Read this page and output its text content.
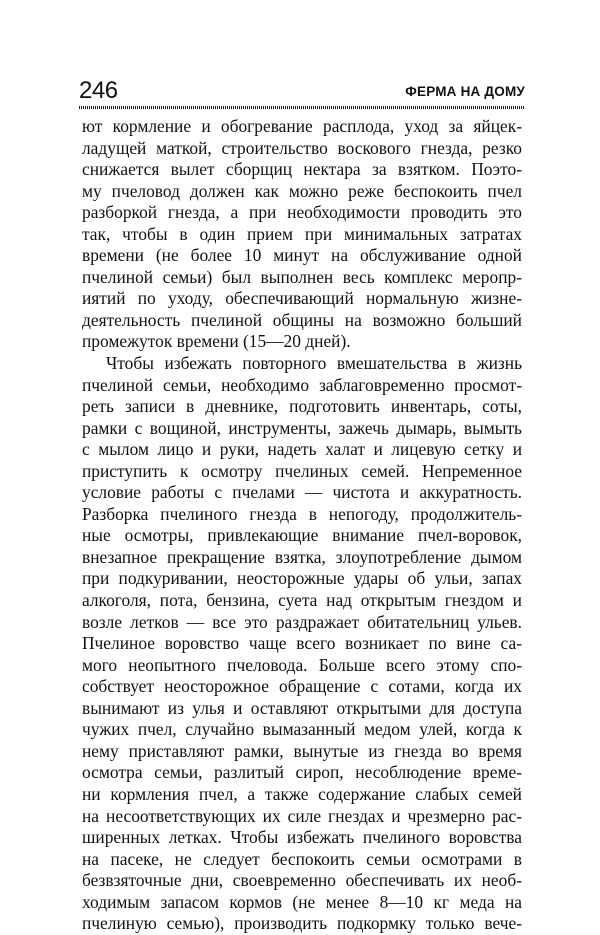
246	ФЕРМА НА ДОМУ

ют кормление и обогревание расплода, уход за яйцек-
ладущей маткой, строительство воскового гнезда, резко
снижается вылет сборщиц нектара за взятком. Поэто-
му пчеловод должен как можно реже беспокоить пчел
разборкой гнезда, а при необходимости проводить это
так, чтобы в один прием при минимальных затратах
времени (не более 10 минут на обслуживание одной
пчелиной семьи) был выполнен весь комплекс меропр-
иятий по уходу, обеспечивающий нормальную жизне-
деятельность пчелиной общины на возможно больший
промежуток времени (15—20 дней).

Чтобы избежать повторного вмешательства в жизнь
пчелиной семьи, необходимо заблаговременно просмот-
реть записи в дневнике, подготовить инвентарь, соты,
рамки с вощиной, инструменты, зажечь дымарь, вымыть
с мылом лицо и руки, надеть халат и лицевую сетку и
приступить к осмотру пчелиных семей. Непременное
условие работы с пчелами — чистота и аккуратность.
Разборка пчелиного гнезда в непогоду, продолжитель-
ные осмотры, привлекающие внимание пчел-воровок,
внезапное прекращение взятка, злоупотребление дымом
при подкуривании, неосторожные удары об ульи, запах
алкоголя, пота, бензина, суета над открытым гнездом и
возле летков — все это раздражает обитательниц ульев.
Пчелиное воровство чаще всего возникает по вине са-
мого неопытного пчеловода. Больше всего этому спо-
собствует неосторожное обращение с сотами, когда их
вынимают из улья и оставляют открытыми для доступа
чужих пчел, случайно вымазанный медом улей, когда к
нему приставляют рамки, вынутые из гнезда во время
осмотра семьи, разлитый сироп, несоблюдение време-
ни кормления пчел, а также содержание слабых семей
на несоответствующих их силе гнездах и чрезмерно рас-
ширенных летках. Чтобы избежать пчелиного воровства
на пасеке, не следует беспокоить семьи осмотрами в
безвзяточные дни, своевременно обеспечивать их необ-
ходимым запасом кормов (не менее 8—10 кг меда на
пчелиную семью), производить подкормку только вече-
